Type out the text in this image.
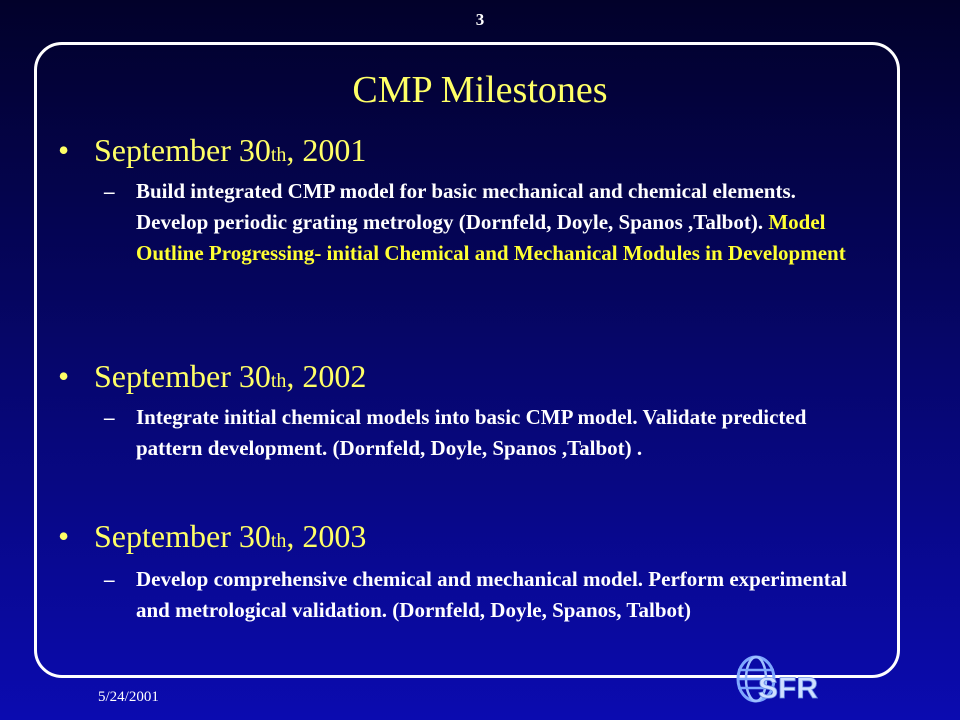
3
CMP Milestones
• September 30 th , 2001
–	Build integrated CMP model for basic mechanical and chemical elements. Develop periodic grating metrology (Dornfeld, Doyle, Spanos ,Talbot). Model Outline Progressing- initial Chemical and Mechanical Modules in Development
• September 30 th , 2002
–	Integrate initial chemical models into basic CMP model. Validate predicted pattern development. (Dornfeld, Doyle, Spanos ,Talbot) .
• September 30 th , 2003
–	Develop comprehensive chemical and mechanical model. Perform experimental and metrological validation. (Dornfeld, Doyle, Spanos, Talbot)
5/24/2001	SFR
